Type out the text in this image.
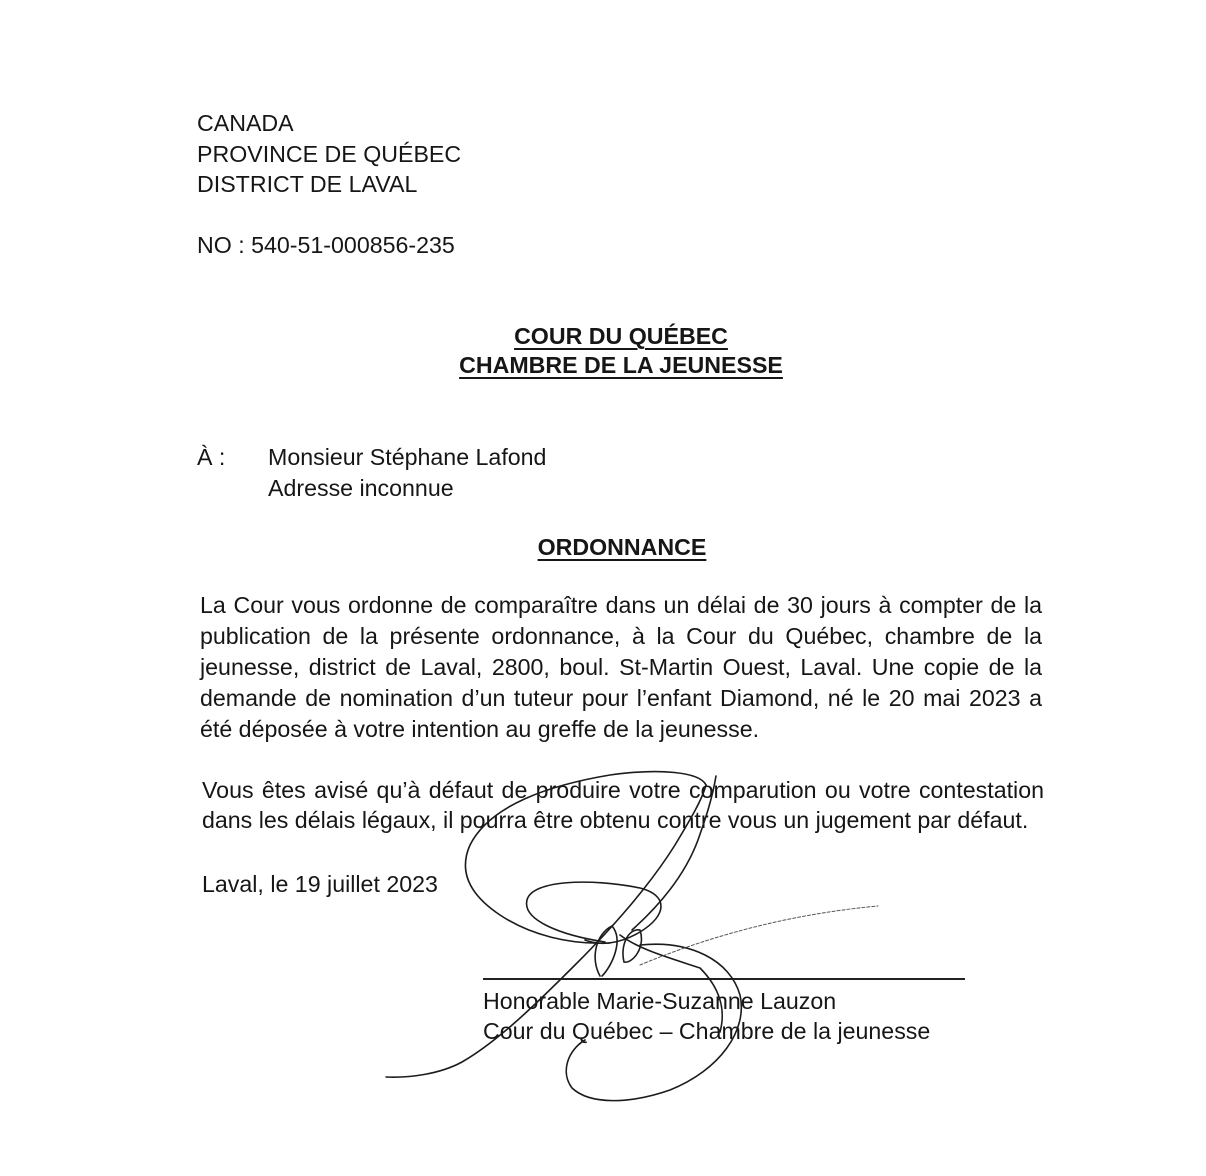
CANADA
PROVINCE DE QUÉBEC
DISTRICT DE LAVAL
NO : 540-51-000856-235
COUR DU QUÉBEC
CHAMBRE DE LA JEUNESSE
À : Monsieur Stéphane Lafond
Adresse inconnue
ORDONNANCE
La Cour vous ordonne de comparaître dans un délai de 30 jours à compter de la
publication de la présente ordonnance, à la Cour du Québec, chambre de la
jeunesse, district de Laval, 2800, boul. St-Martin Ouest, Laval. Une copie de la
demande de nomination d’un tuteur pour l’enfant Diamond, né le 20 mai 2023 a
été déposée à votre intention au greffe de la jeunesse.
Vous êtes avisé qu’à défaut de produire votre comparution ou votre contestation
dans les délais légaux, il pourra être obtenu contre vous un jugement par défaut.
Laval, le 19 juillet 2023
Honorable Marie-Suzanne Lauzon
Cour du Québec – Chambre de la jeunesse
